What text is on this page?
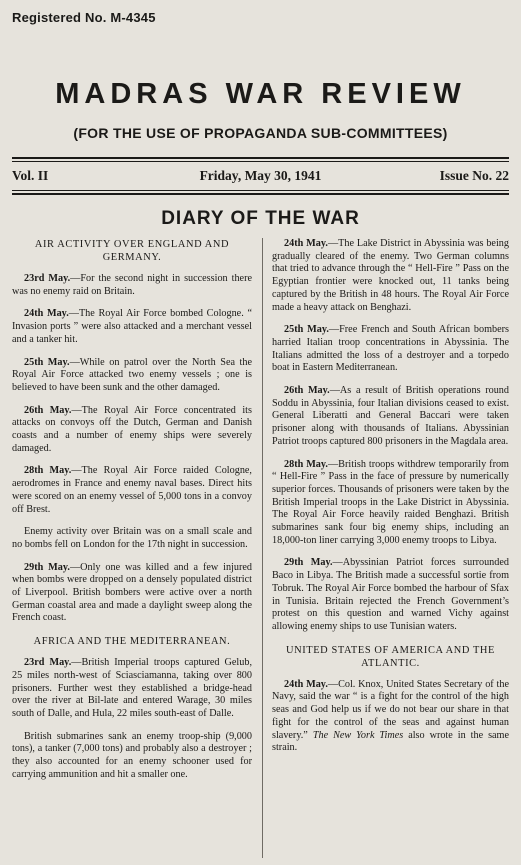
Registered No. M-4345
MADRAS WAR REVIEW
(FOR THE USE OF PROPAGANDA SUB-COMMITTEES)
Vol. II	Friday, May 30, 1941	Issue No. 22
DIARY OF THE WAR
AIR ACTIVITY OVER ENGLAND AND GERMANY.

23rd May.—For the second night in succession there was no enemy raid on Britain.

24th May.—The Royal Air Force bombed Cologne. “ Invasion ports ” were also attacked and a merchant vessel and a tanker hit.

25th May.—While on patrol over the North Sea the Royal Air Force attacked two enemy vessels ; one is believed to have been sunk and the other damaged.

26th May.—The Royal Air Force concentrated its attacks on convoys off the Dutch, German and Danish coasts and a number of enemy ships were severely damaged.

28th May.—The Royal Air Force raided Cologne, aerodromes in France and enemy naval bases. Direct hits were scored on an enemy vessel of 5,000 tons in a convoy off Brest.

Enemy activity over Britain was on a small scale and no bombs fell on London for the 17th night in succession.

29th May.—Only one was killed and a few injured when bombs were dropped on a densely populated district of Liverpool. British bombers were active over a north German coastal area and made a daylight sweep along the French coast.

AFRICA AND THE MEDITERRANEAN.

23rd May.—British Imperial troops captured Gelub, 25 miles north-west of Sciasciamanna, taking over 800 prisoners. Further west they established a bridge-head over the river at Bil-late and entered Warage, 30 miles south of Dalle, and Hula, 22 miles south-east of Dalle.

British submarines sank an enemy troop-ship (9,000 tons), a tanker (7,000 tons) and probably also a destroyer ; they also accounted for an enemy schooner used for carrying ammunition and hit a smaller one.

24th May.—The Lake District in Abyssinia was being gradually cleared of the enemy. Two German columns that tried to advance through the “ Hell-Fire ” Pass on the Egyptian frontier were knocked out, 11 tanks being captured by the British in 48 hours. The Royal Air Force made a heavy attack on Benghazi.

25th May.—Free French and South African bombers harried Italian troop concentrations in Abyssinia. The Italians admitted the loss of a destroyer and a torpedo boat in Eastern Mediterranean.

26th May.—As a result of British operations round Soddu in Abyssinia, four Italian divisions ceased to exist. General Liberatti and General Baccari were taken prisoner along with thousands of Italians. Abyssinian Patriot troops captured 800 prisoners in the Magdala area.

28th May.—British troops withdrew temporarily from “ Hell-Fire ” Pass in the face of pressure by numerically superior forces. Thousands of prisoners were taken by the British Imperial troops in the Lake District in Abyssinia. The Royal Air Force heavily raided Benghazi. British submarines sank four big enemy ships, including an 18,000-ton liner carrying 3,000 enemy troops to Libya.

29th May.—Abyssinian Patriot forces surrounded Baco in Libya. The British made a successful sortie from Tobruk. The Royal Air Force bombed the harbour of Sfax in Tunisia. Britain rejected the French Government’s protest on this question and warned Vichy against allowing enemy ships to use Tunisian waters.

UNITED STATES OF AMERICA AND THE ATLANTIC.

24th May.—Col. Knox, United States Secretary of the Navy, said the war “ is a fight for the control of the high seas and God help us if we do not bear our share in that fight for the control of the seas and against human slavery.” The New York Times also wrote in the same strain.
